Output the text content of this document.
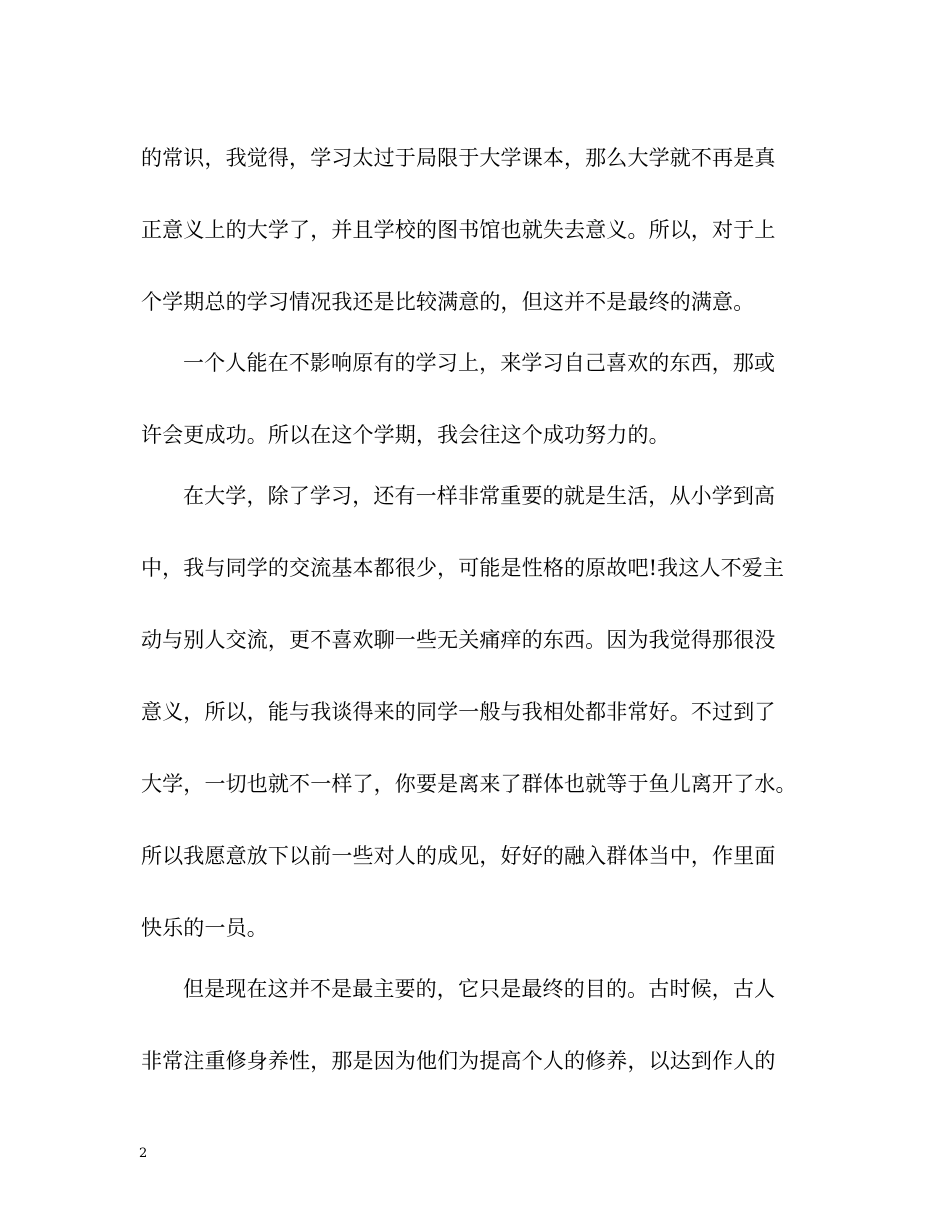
的常识，我觉得，学习太过于局限于大学课本，那么大学就不再是真
正意义上的大学了，并且学校的图书馆也就失去意义。所以，对于上
个学期总的学习情况我还是比较满意的，但这并不是最终的满意。
一个人能在不影响原有的学习上，来学习自己喜欢的东西，那或
许会更成功。所以在这个学期，我会往这个成功努力的。
在大学，除了学习，还有一样非常重要的就是生活，从小学到高
中，我与同学的交流基本都很少，可能是性格的原故吧!我这人不爱主
动与别人交流，更不喜欢聊一些无关痛痒的东西。因为我觉得那很没
意义，所以，能与我谈得来的同学一般与我相处都非常好。不过到了
大学，一切也就不一样了，你要是离来了群体也就等于鱼儿离开了水。
所以我愿意放下以前一些对人的成见，好好的融入群体当中，作里面
快乐的一员。
但是现在这并不是最主要的，它只是最终的目的。古时候，古人
非常注重修身养性，那是因为他们为提高个人的修养，以达到作人的
2
